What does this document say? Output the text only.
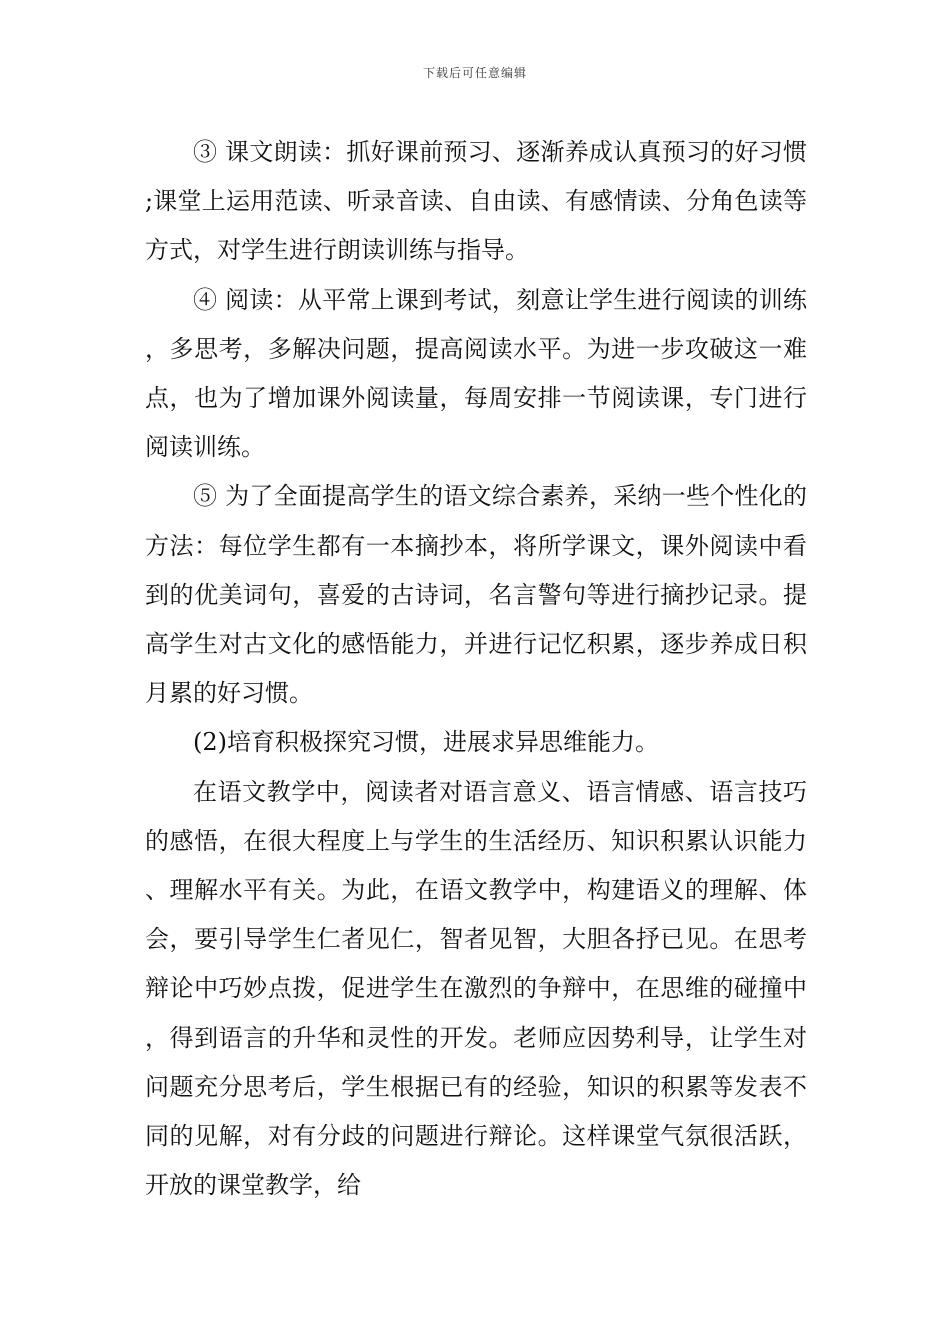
下载后可任意编辑

③ 课文朗读：抓好课前预习、逐渐养成认真预习的好习惯;课堂上运用范读、听录音读、自由读、有感情读、分角色读等方式，对学生进行朗读训练与指导。

④ 阅读：从平常上课到考试，刻意让学生进行阅读的训练，多思考，多解决问题，提高阅读水平。为进一步攻破这一难点，也为了增加课外阅读量，每周安排一节阅读课，专门进行阅读训练。

⑤ 为了全面提高学生的语文综合素养，采纳一些个性化的方法：每位学生都有一本摘抄本，将所学课文，课外阅读中看到的优美词句，喜爱的古诗词，名言警句等进行摘抄记录。提高学生对古文化的感悟能力，并进行记忆积累，逐步养成日积月累的好习惯。

(2)培育积极探究习惯，进展求异思维能力。

在语文教学中，阅读者对语言意义、语言情感、语言技巧的感悟，在很大程度上与学生的生活经历、知识积累认识能力、理解水平有关。为此，在语文教学中，构建语义的理解、体会，要引导学生仁者见仁，智者见智，大胆各抒已见。在思考辩论中巧妙点拨，促进学生在激烈的争辩中，在思维的碰撞中，得到语言的升华和灵性的开发。老师应因势利导，让学生对问题充分思考后，学生根据已有的经验，知识的积累等发表不同的见解，对有分歧的问题进行辩论。这样课堂气氛很活跃，开放的课堂教学，给
